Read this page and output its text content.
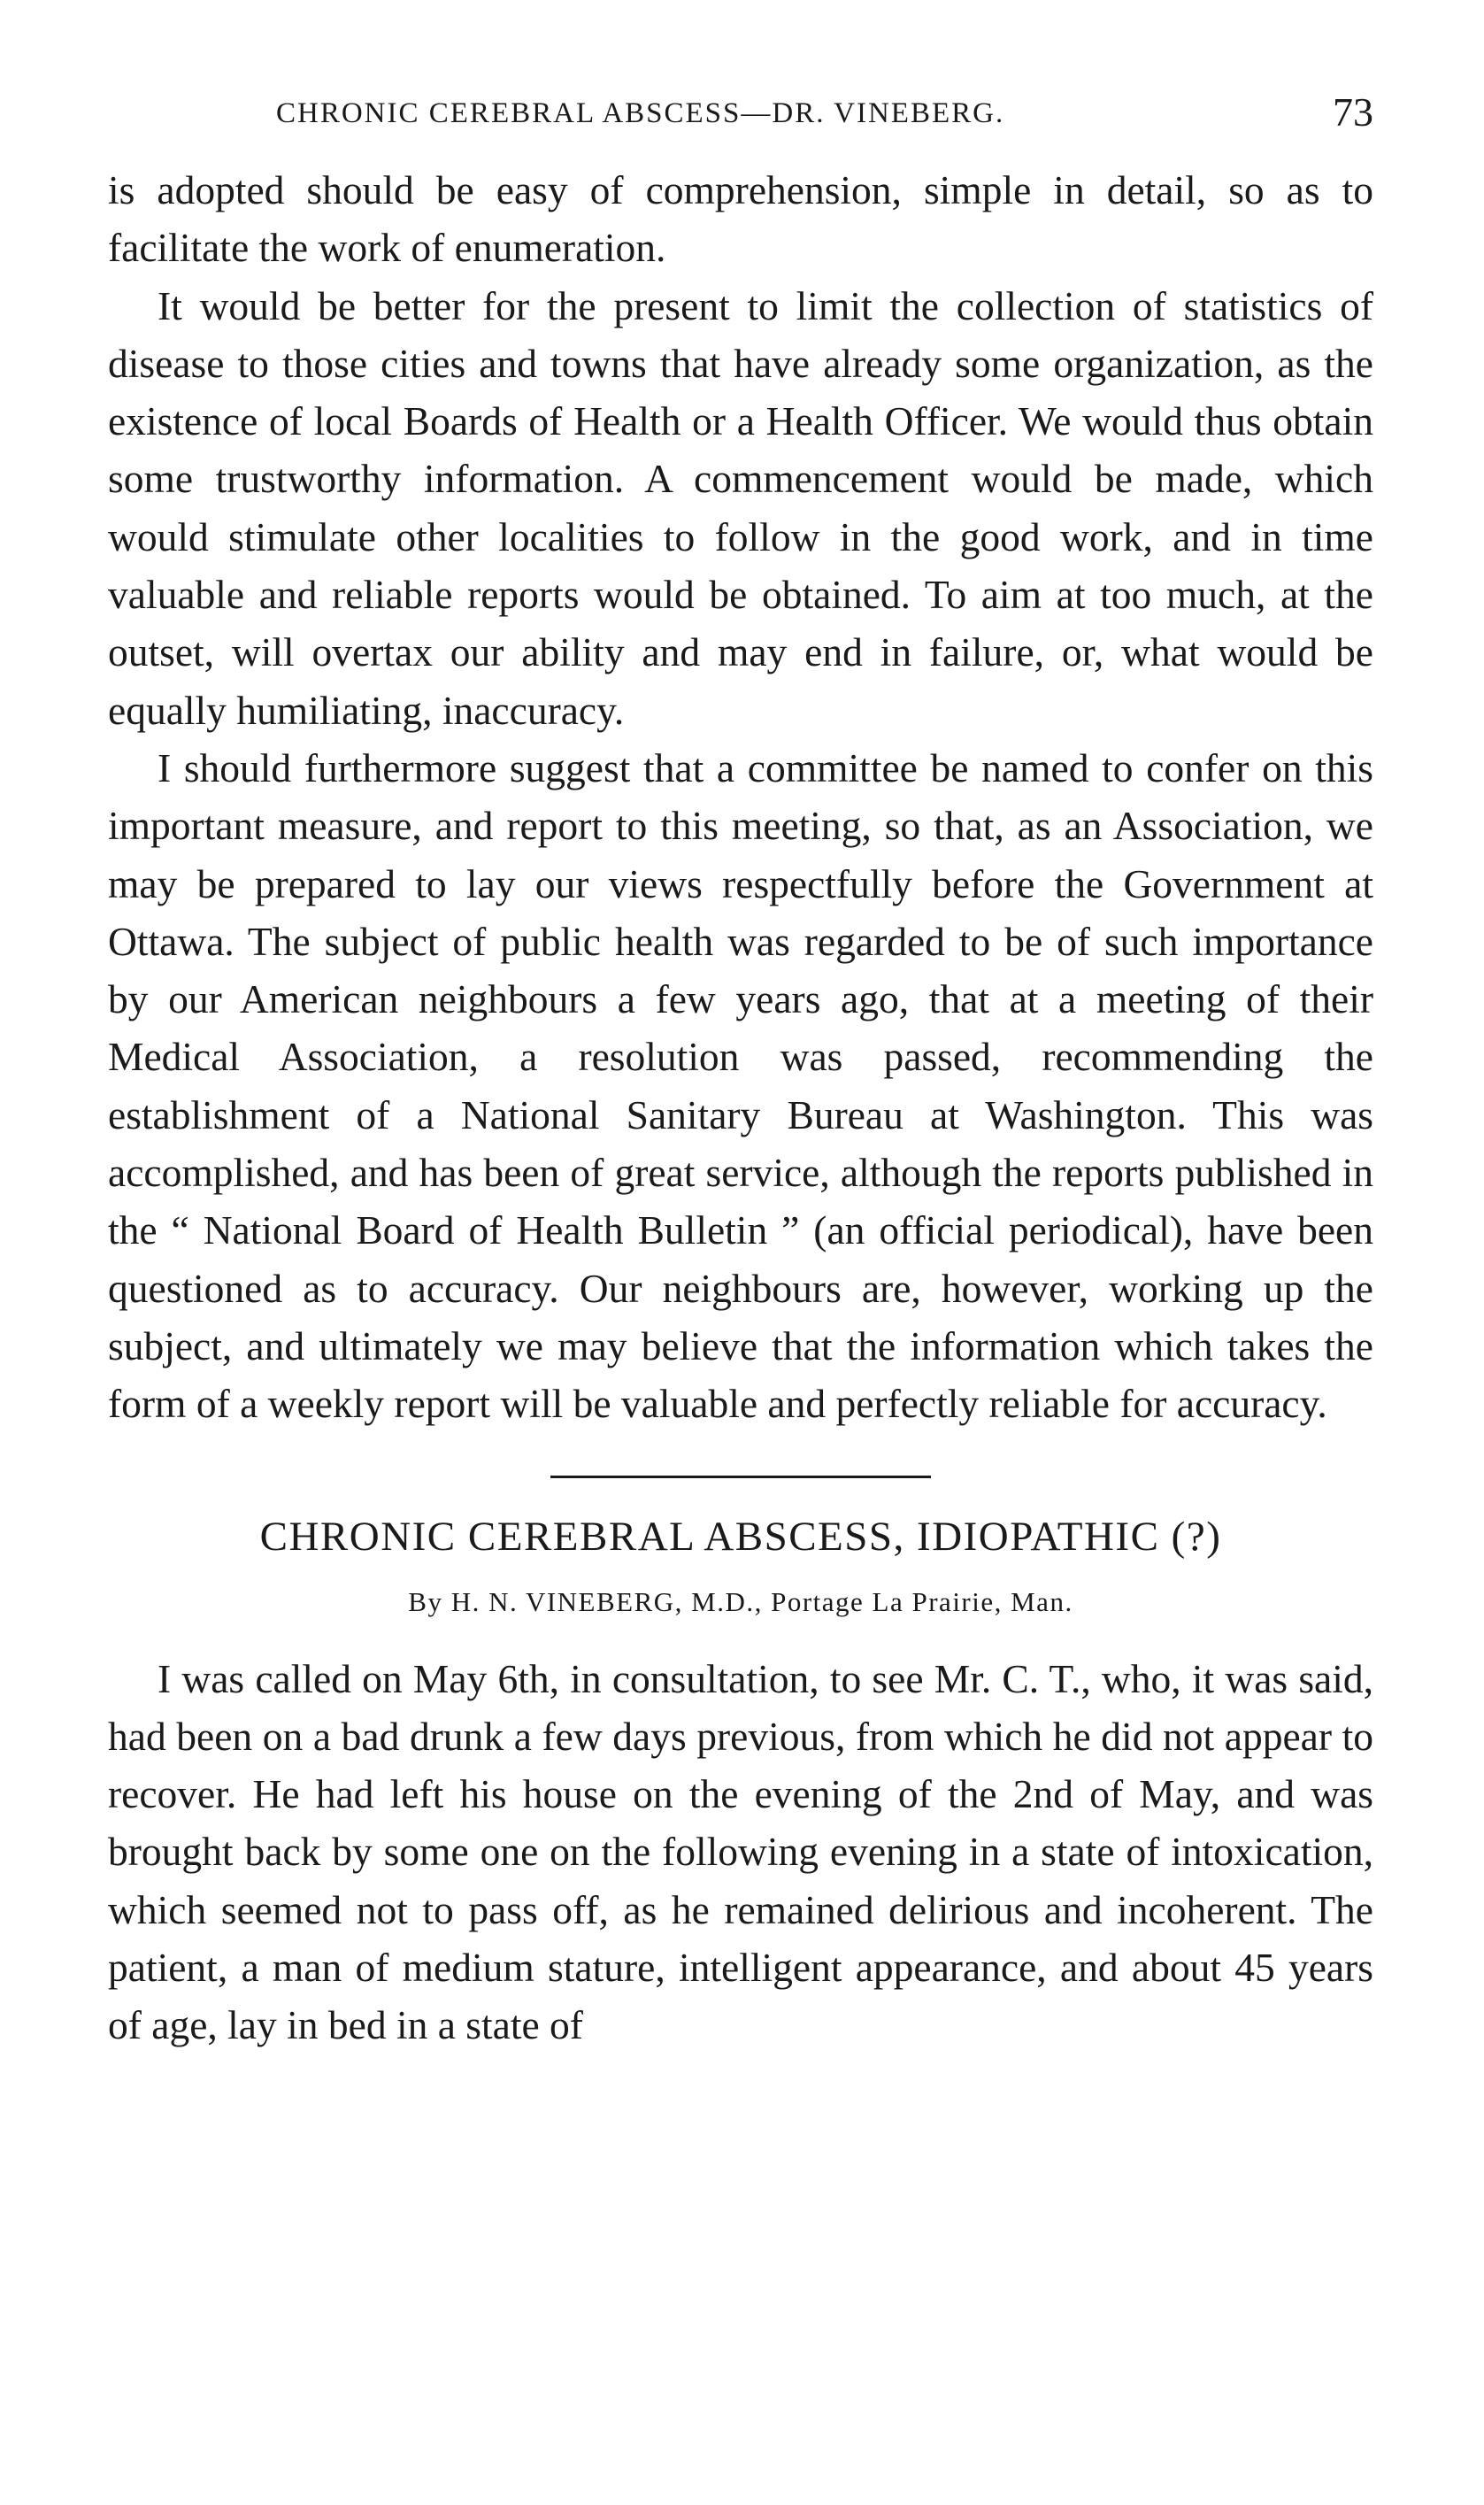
CHRONIC CEREBRAL ABSCESS—DR. VINEBERG.	73

is adopted should be easy of comprehension, simple in detail, so as to facilitate the work of enumeration.

It would be better for the present to limit the collection of statistics of disease to those cities and towns that have already some organization, as the existence of local Boards of Health or a Health Officer. We would thus obtain some trustworthy information. A commencement would be made, which would stimulate other localities to follow in the good work, and in time valuable and reliable reports would be obtained. To aim at too much, at the outset, will overtax our ability and may end in failure, or, what would be equally humiliating, inaccuracy.

I should furthermore suggest that a committee be named to confer on this important measure, and report to this meeting, so that, as an Association, we may be prepared to lay our views respectfully before the Government at Ottawa. The subject of public health was regarded to be of such importance by our American neighbours a few years ago, that at a meeting of their Medical Association, a resolution was passed, recommending the establishment of a National Sanitary Bureau at Washington. This was accomplished, and has been of great service, although the reports published in the “ National Board of Health Bulletin ” (an official periodical), have been questioned as to accuracy. Our neighbours are, however, working up the subject, and ultimately we may believe that the information which takes the form of a weekly report will be valuable and perfectly reliable for accuracy.

CHRONIC CEREBRAL ABSCESS, IDIOPATHIC (?)
By H. N. VINEBERG, M.D., Portage La Prairie, Man.

I was called on May 6th, in consultation, to see Mr. C. T., who, it was said, had been on a bad drunk a few days previous, from which he did not appear to recover. He had left his house on the evening of the 2nd of May, and was brought back by some one on the following evening in a state of intoxication, which seemed not to pass off, as he remained delirious and incoherent. The patient, a man of medium stature, intelligent appearance, and about 45 years of age, lay in bed in a state of
